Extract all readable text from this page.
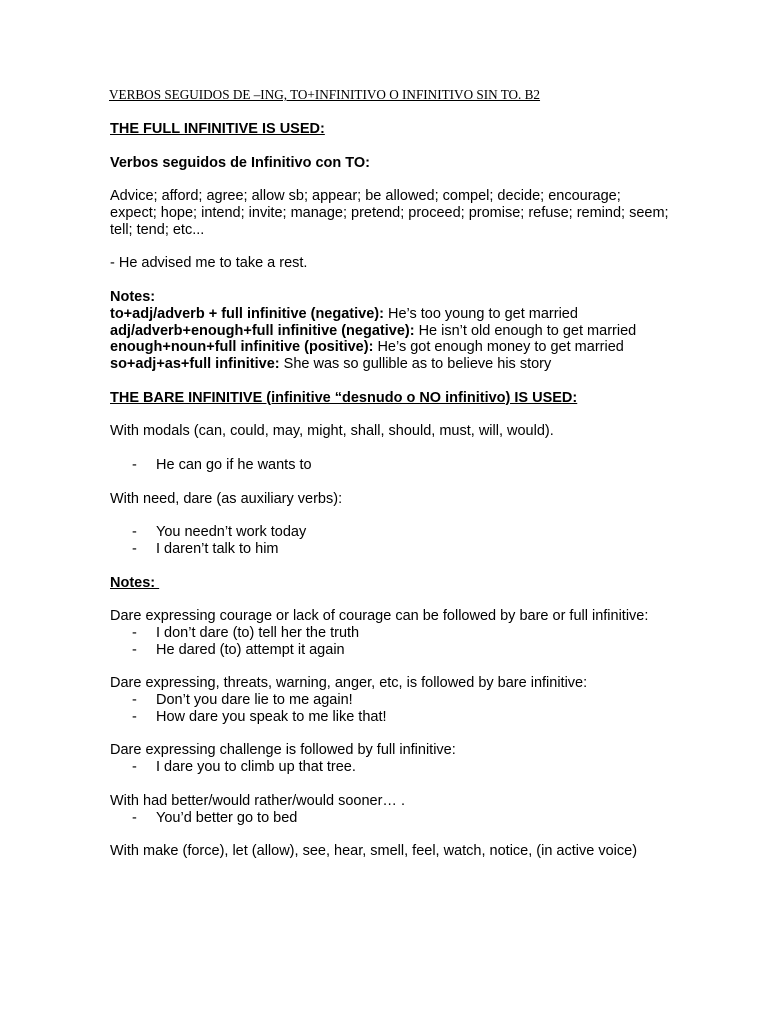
VERBOS SEGUIDOS DE –ING, TO+INFINITIVO O INFINITIVO SIN TO. B2

THE FULL INFINITIVE IS USED:

Verbos seguidos de Infinitivo con TO:

Advice; afford; agree; allow sb; appear; be allowed; compel; decide; encourage; expect; hope; intend; invite; manage; pretend; proceed; promise; refuse; remind; seem; tell; tend; etc...

- He advised me to take a rest.

Notes:

to+adj/adverb + full infinitive (negative): He’s too young to get married

adj/adverb+enough+full infinitive (negative): He isn’t old enough to get married

enough+noun+full infinitive (positive): He’s got enough money to get married

so+adj+as+full infinitive: She was so gullible as to believe his story

THE BARE INFINITIVE (infinitive “desnudo o NO infinitivo) IS USED:

With modals (can, could, may, might, shall, should, must, will, would).

- He can go if he wants to

With need, dare (as auxiliary verbs):

- You needn’t work today
- I daren’t talk to him

Notes:

Dare expressing courage or lack of courage can be followed by bare or full infinitive:

- I don’t dare (to) tell her the truth
- He dared (to) attempt it again

Dare expressing, threats, warning, anger, etc, is followed by bare infinitive:

- Don’t you dare lie to me again!
- How dare you speak to me like that!

Dare expressing challenge is followed by full infinitive:

- I dare you to climb up that tree.

With had better/would rather/would sooner… .

- You’d better go to bed

With make (force), let (allow), see, hear, smell, feel, watch, notice, (in active voice)
